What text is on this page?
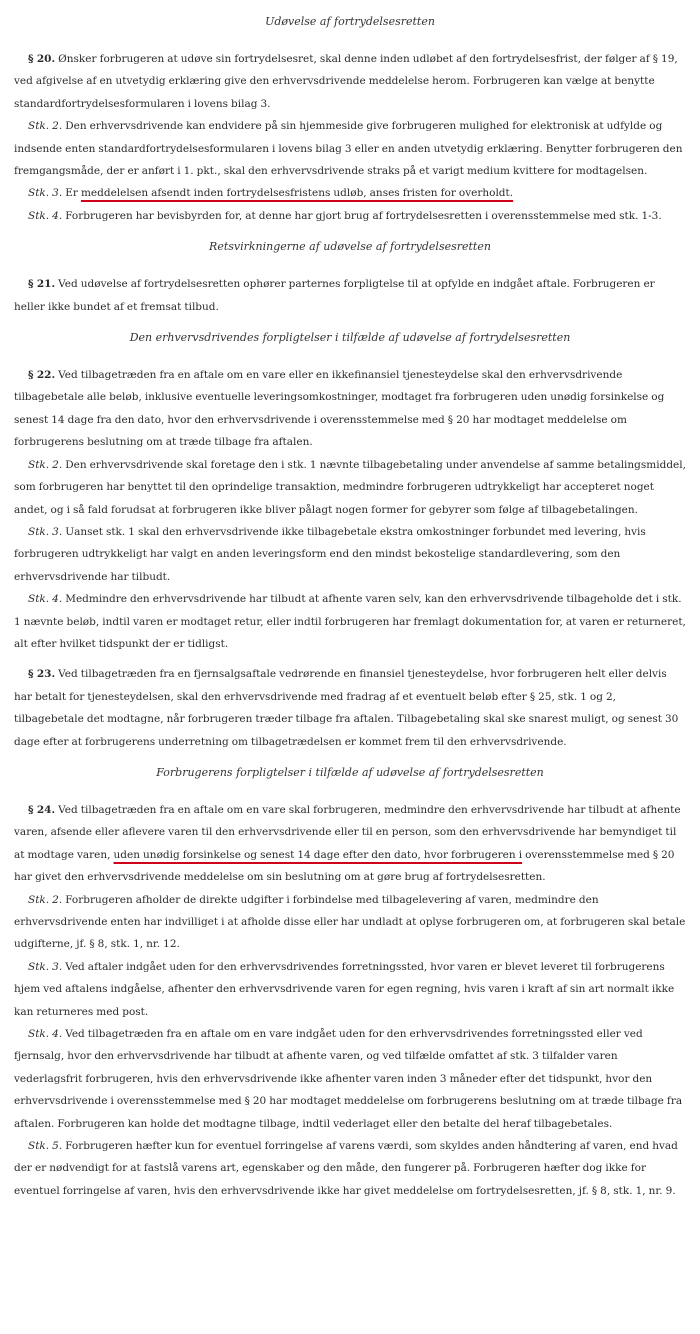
Udøvelse af fortrydelsesretten

§ 20. Ønsker forbrugeren at udøve sin fortrydelsesret, skal denne inden udløbet af den fortrydelsesfrist, der følger af § 19, ved afgivelse af en utvetydig erklæring give den erhvervsdrivende meddelelse herom. Forbrugeren kan vælge at benytte standardfortrydelsesformularen i lovens bilag 3.

Stk. 2. Den erhvervsdrivende kan endvidere på sin hjemmeside give forbrugeren mulighed for elektronisk at udfylde og indsende enten standardfortrydelsesformularen i lovens bilag 3 eller en anden utvetydig erklæring. Benytter forbrugeren den fremgangsmåde, der er anført i 1. pkt., skal den erhvervsdrivende straks på et varigt medium kvittere for modtagelsen.

Stk. 3. Er meddelelsen afsendt inden fortrydelsesfristens udløb, anses fristen for overholdt.

Stk. 4. Forbrugeren har bevisbyrden for, at denne har gjort brug af fortrydelsesretten i overensstemmelse med stk. 1-3.

Retsvirkningerne af udøvelse af fortrydelsesretten

§ 21. Ved udøvelse af fortrydelsesretten ophører parternes forpligtelse til at opfylde en indgået aftale. Forbrugeren er heller ikke bundet af et fremsat tilbud.

Den erhvervsdrivendes forpligtelser i tilfælde af udøvelse af fortrydelsesretten

§ 22. Ved tilbagetræden fra en aftale om en vare eller en ikkefinansiel tjenesteydelse skal den erhvervsdrivende tilbagebetale alle beløb, inklusive eventuelle leveringsomkostninger, modtaget fra forbrugeren uden unødig forsinkelse og senest 14 dage fra den dato, hvor den erhvervsdrivende i overensstemmelse med § 20 har modtaget meddelelse om forbrugerens beslutning om at træde tilbage fra aftalen.

Stk. 2. Den erhvervsdrivende skal foretage den i stk. 1 nævnte tilbagebetaling under anvendelse af samme betalingsmiddel, som forbrugeren har benyttet til den oprindelige transaktion, medmindre forbrugeren udtrykkeligt har accepteret noget andet, og i så fald forudsat at forbrugeren ikke bliver pålagt nogen former for gebyrer som følge af tilbagebetalingen.

Stk. 3. Uanset stk. 1 skal den erhvervsdrivende ikke tilbagebetale ekstra omkostninger forbundet med levering, hvis forbrugeren udtrykkeligt har valgt en anden leveringsform end den mindst bekostelige standardlevering, som den erhvervsdrivende har tilbudt.

Stk. 4. Medmindre den erhvervsdrivende har tilbudt at afhente varen selv, kan den erhvervsdrivende tilbageholde det i stk. 1 nævnte beløb, indtil varen er modtaget retur, eller indtil forbrugeren har fremlagt dokumentation for, at varen er returneret, alt efter hvilket tidspunkt der er tidligst.

§ 23. Ved tilbagetræden fra en fjernsalgsaftale vedrørende en finansiel tjenesteydelse, hvor forbrugeren helt eller delvis har betalt for tjenesteydelsen, skal den erhvervsdrivende med fradrag af et eventuelt beløb efter § 25, stk. 1 og 2, tilbagebetale det modtagne, når forbrugeren træder tilbage fra aftalen. Tilbagebetaling skal ske snarest muligt, og senest 30 dage efter at forbrugerens underretning om tilbagetrædelsen er kommet frem til den erhvervsdrivende.

Forbrugerens forpligtelser i tilfælde af udøvelse af fortrydelsesretten

§ 24. Ved tilbagetræden fra en aftale om en vare skal forbrugeren, medmindre den erhvervsdrivende har tilbudt at afhente varen, afsende eller aflevere varen til den erhvervsdrivende eller til en person, som den erhvervsdrivende har bemyndiget til at modtage varen, uden unødig forsinkelse og senest 14 dage efter den dato, hvor forbrugeren i overensstemmelse med § 20 har givet den erhvervsdrivende meddelelse om sin beslutning om at gøre brug af fortrydelsesretten.

Stk. 2. Forbrugeren afholder de direkte udgifter i forbindelse med tilbagelevering af varen, medmindre den erhvervsdrivende enten har indvilliget i at afholde disse eller har undladt at oplyse forbrugeren om, at forbrugeren skal betale udgifterne, jf. § 8, stk. 1, nr. 12.

Stk. 3. Ved aftaler indgået uden for den erhvervsdrivendes forretningssted, hvor varen er blevet leveret til forbrugerens hjem ved aftalens indgåelse, afhenter den erhvervsdrivende varen for egen regning, hvis varen i kraft af sin art normalt ikke kan returneres med post.

Stk. 4. Ved tilbagetræden fra en aftale om en vare indgået uden for den erhvervsdrivendes forretningssted eller ved fjernsalg, hvor den erhvervsdrivende har tilbudt at afhente varen, og ved tilfælde omfattet af stk. 3 tilfalder varen vederlagsfrit forbrugeren, hvis den erhvervsdrivende ikke afhenter varen inden 3 måneder efter det tidspunkt, hvor den erhvervsdrivende i overensstemmelse med § 20 har modtaget meddelelse om forbrugerens beslutning om at træde tilbage fra aftalen. Forbrugeren kan holde det modtagne tilbage, indtil vederlaget eller den betalte del heraf tilbagebetales.

Stk. 5. Forbrugeren hæfter kun for eventuel forringelse af varens værdi, som skyldes anden håndtering af varen, end hvad der er nødvendigt for at fastslå varens art, egenskaber og den måde, den fungerer på. Forbrugeren hæfter dog ikke for eventuel forringelse af varen, hvis den erhvervsdrivende ikke har givet meddelelse om fortrydelsesretten, jf. § 8, stk. 1, nr. 9.
